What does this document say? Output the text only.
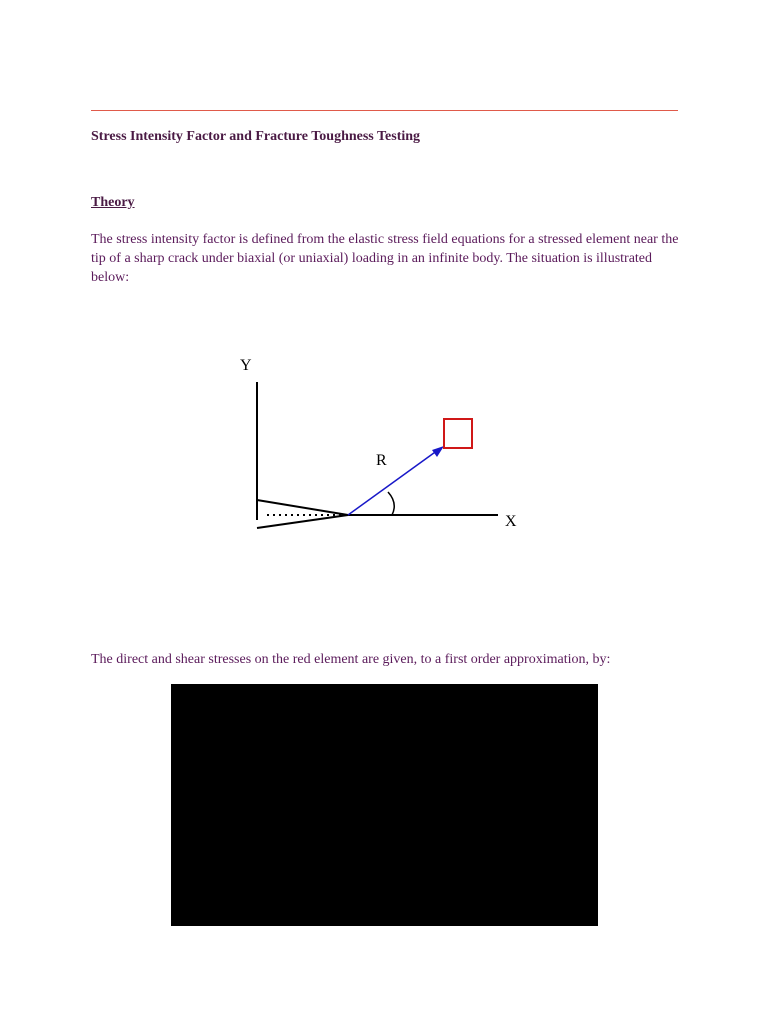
Stress Intensity Factor and Fracture Toughness Testing
Theory
The stress intensity factor is defined from the elastic stress field equations for a stressed element near the tip of a sharp crack under biaxial (or uniaxial) loading in an infinite body. The situation is illustrated below:
Y
X
R
The direct and shear stresses on the red element are given, to a first order approximation, by:
